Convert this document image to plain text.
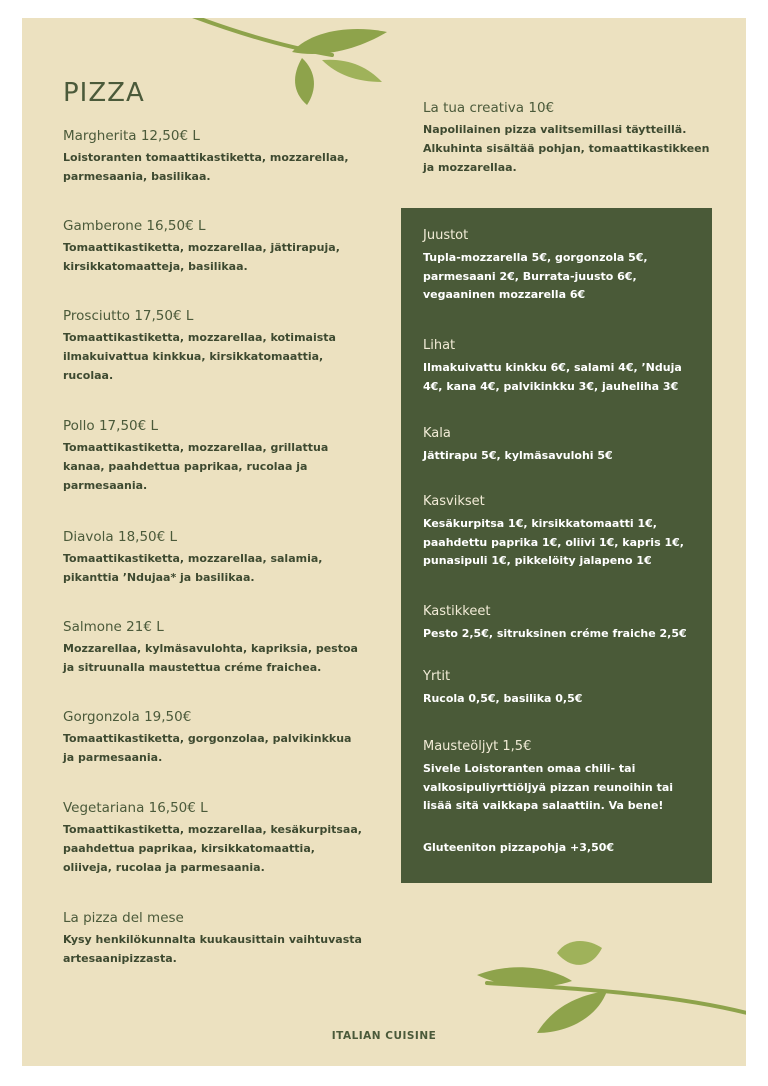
PIZZA

Margherita 12,50€ L

Loistoranten tomaattikastiketta, mozzarellaa, parmesaania, basilikaa.

Gamberone 16,50€ L

Tomaattikastiketta, mozzarellaa, jättirapuja, kirsikkatomaatteja, basilikaa.

Prosciutto 17,50€ L

Tomaattikastiketta, mozzarellaa, kotimaista ilmakuivattua kinkkua, kirsikkatomaattia, rucolaa.

Pollo 17,50€ L

Tomaattikastiketta, mozzarellaa, grillattua kanaa, paahdettua paprikaa, rucolaa ja parmesaania.

Diavola 18,50€ L

Tomaattikastiketta, mozzarellaa, salamia, pikanttia ’Ndujaa* ja basilikaa.

Salmone 21€ L

Mozzarellaa, kylmäsavulohta, kapriksia, pestoa ja sitruunalla maustettua créme fraichea.

Gorgonzola 19,50€

Tomaattikastiketta, gorgonzolaa, palvikinkkua ja parmesaania.

Vegetariana 16,50€ L

Tomaattikastiketta, mozzarellaa, kesäkurpitsaa, paahdettua paprikaa, kirsikkatomaattia, oliiveja, rucolaa ja parmesaania.

La pizza del mese

Kysy henkilökunnalta kuukausittain vaihtuvasta artesaanipizzasta.

La tua creativa 10€

Napolilainen pizza valitsemillasi täytteillä. Alkuhinta sisältää pohjan, tomaattikastikkeen ja mozzarellaa.

Juustot

Tupla-mozzarella 5€, gorgonzola 5€, parmesaani 2€, Burrata-juusto 6€, vegaaninen mozzarella 6€

Lihat

Ilmakuivattu kinkku 6€, salami 4€, ’Nduja 4€, kana 4€, palvikinkku 3€, jauheliha 3€

Kala

Jättirapu 5€, kylmäsavulohi 5€

Kasvikset

Kesäkurpitsa 1€, kirsikkatomaatti 1€, paahdettu paprika 1€, oliivi 1€, kapris 1€, punasipuli 1€, pikkelöity jalapeno 1€

Kastikkeet

Pesto 2,5€, sitruksinen créme fraiche 2,5€

Yrtit

Rucola 0,5€, basilika 0,5€

Mausteöljyt 1,5€

Sivele Loistoranten omaa chili- tai valkosipuliyrttiöljyä pizzan reunoihin tai lisää sitä vaikkapa salaattiin. Va bene!

Gluteeniton pizzapohja +3,50€

ITALIAN CUISINE
